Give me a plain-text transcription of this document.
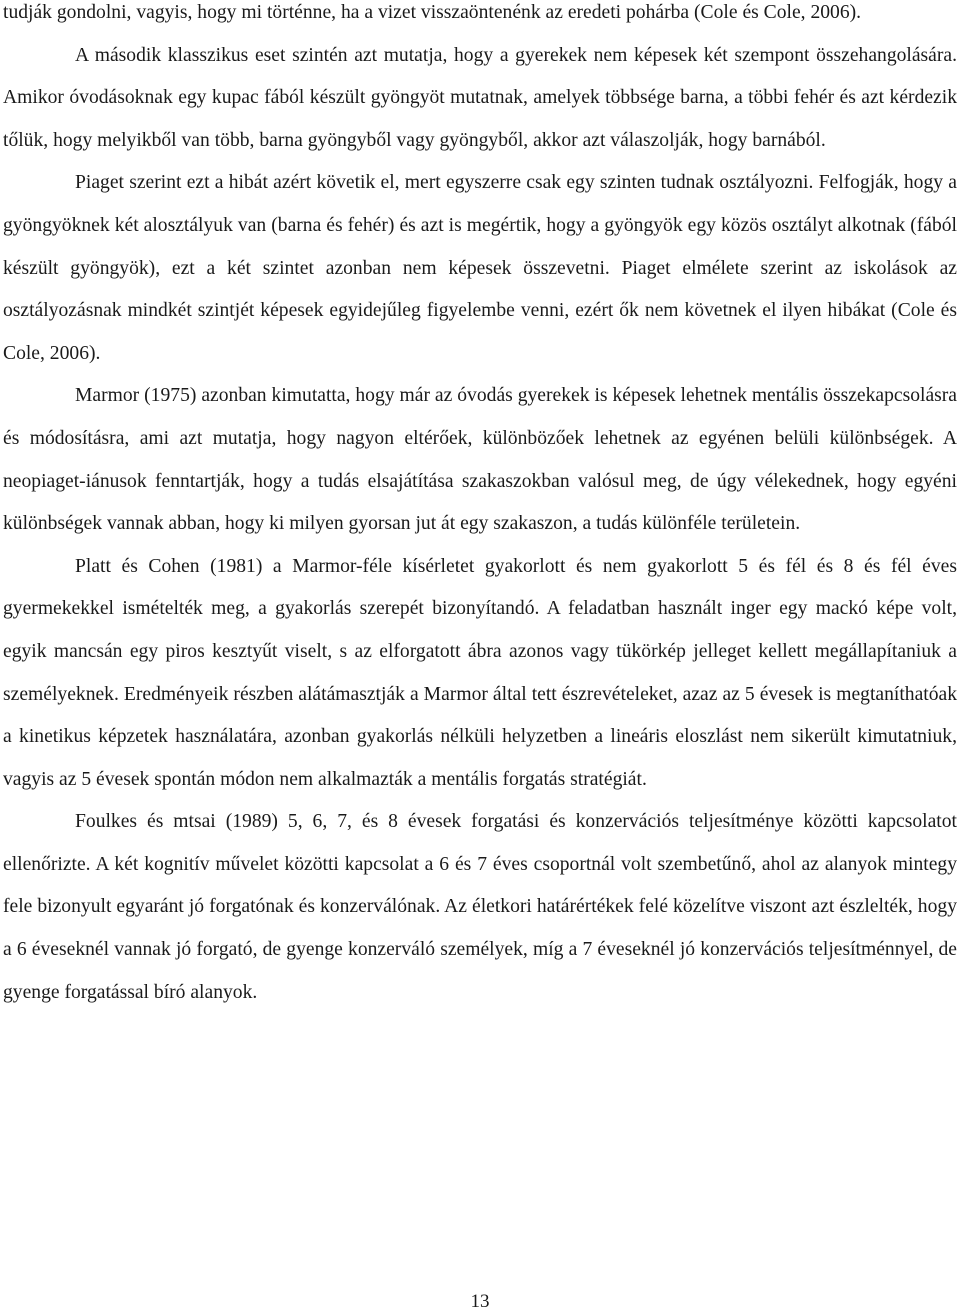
tudják gondolni, vagyis, hogy mi történne, ha a vizet visszaöntenénk az eredeti pohárba (Cole és Cole, 2006).

A második klasszikus eset szintén azt mutatja, hogy a gyerekek nem képesek két szempont összehangolására. Amikor óvodásoknak egy kupac fából készült gyöngyöt mutatnak, amelyek többsége barna, a többi fehér és azt kérdezik tőlük, hogy melyikből van több, barna gyöngyből vagy gyöngyből, akkor azt válaszolják, hogy barnából.

Piaget szerint ezt a hibát azért követik el, mert egyszerre csak egy szinten tudnak osztályozni. Felfogják, hogy a gyöngyöknek két alosztályuk van (barna és fehér) és azt is megértik, hogy a gyöngyök egy közös osztályt alkotnak (fából készült gyöngyök), ezt a két szintet azonban nem képesek összevetni. Piaget elmélete szerint az iskolások az osztályozásnak mindkét szintjét képesek egyidejűleg figyelembe venni, ezért ők nem követnek el ilyen hibákat (Cole és Cole, 2006).

Marmor (1975) azonban kimutatta, hogy már az óvodás gyerekek is képesek lehetnek mentális összekapcsolásra és módosításra, ami azt mutatja, hogy nagyon eltérőek, különbözőek lehetnek az egyénen belüli különbségek. A neopiaget-iánusok fenntartják, hogy a tudás elsajátítása szakaszokban valósul meg, de úgy vélekednek, hogy egyéni különbségek vannak abban, hogy ki milyen gyorsan jut át egy szakaszon, a tudás különféle területein.

Platt és Cohen (1981) a Marmor-féle kísérletet gyakorlott és nem gyakorlott 5 és fél és 8 és fél éves gyermekekkel ismételték meg, a gyakorlás szerepét bizonyítandó. A feladatban használt inger egy mackó képe volt, egyik mancsán egy piros kesztyűt viselt, s az elforgatott ábra azonos vagy tükörkép jelleget kellett megállapítaniuk a személyeknek. Eredményeik részben alátámasztják a Marmor által tett észrevételeket, azaz az 5 évesek is megtaníthatóak a kinetikus képzetek használatára, azonban gyakorlás nélküli helyzetben a lineáris eloszlást nem sikerült kimutatniuk, vagyis az 5 évesek spontán módon nem alkalmazták a mentális forgatás stratégiát.

Foulkes és mtsai (1989) 5, 6, 7, és 8 évesek forgatási és konzervációs teljesítménye közötti kapcsolatot ellenőrizte. A két kognitív művelet közötti kapcsolat a 6 és 7 éves csoportnál volt szembetűnő, ahol az alanyok mintegy fele bizonyult egyaránt jó forgatónak és konzerválónak. Az életkori határértékek felé közelítve viszont azt észlelték, hogy a 6 éveseknél vannak jó forgató, de gyenge konzerváló személyek, míg a 7 éveseknél jó konzervációs teljesítménnyel, de gyenge forgatással bíró alanyok.

13
